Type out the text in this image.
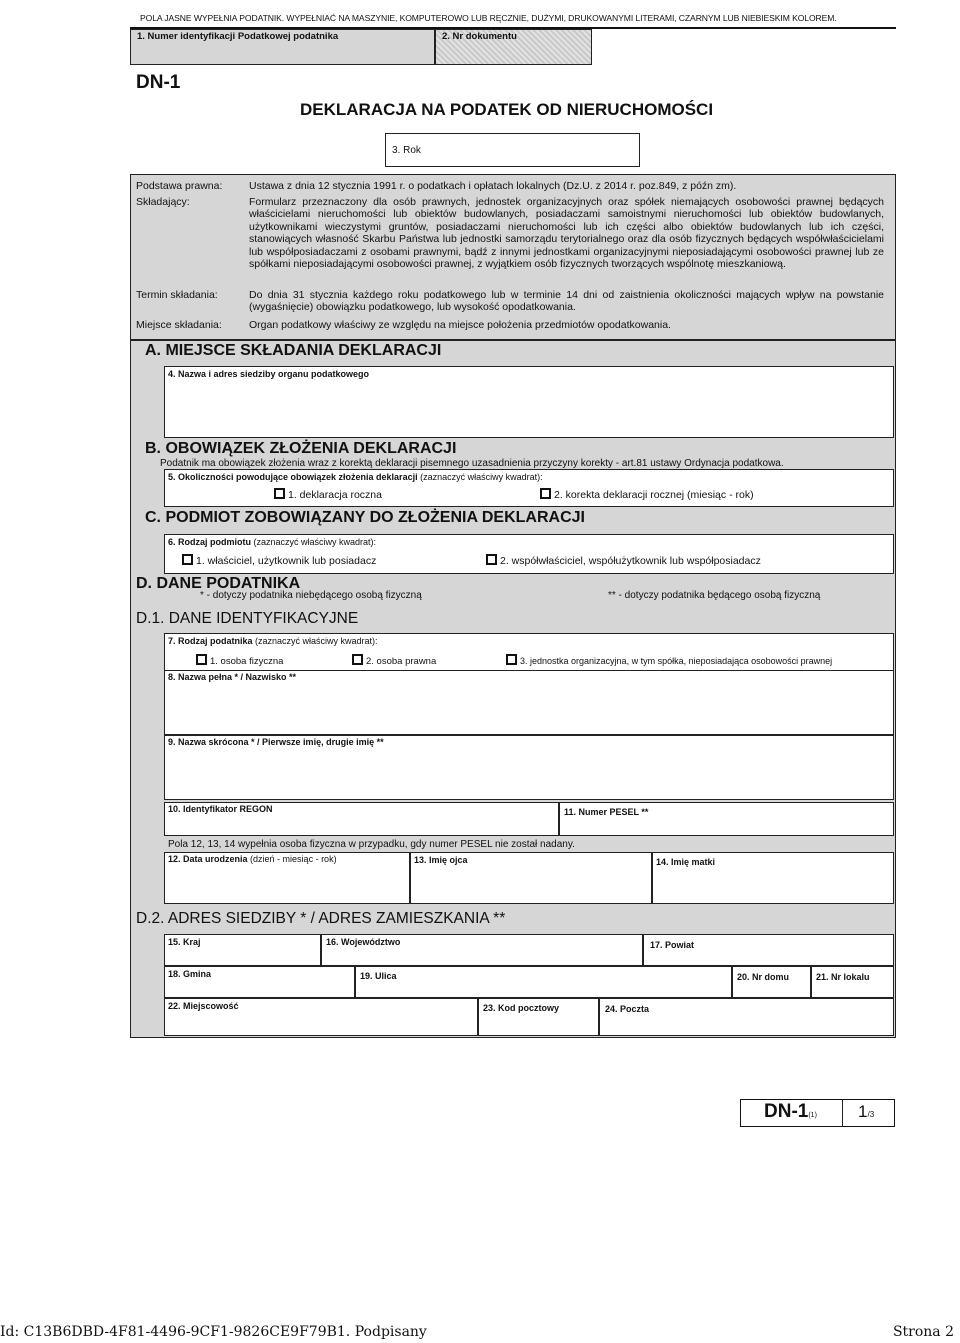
POLA JASNE WYPEŁNIA PODATNIK. WYPEŁNIAĆ NA MASZYNIE, KOMPUTEROWO LUB RĘCZNIE, DUŻYMI, DRUKOWANYMI LITERAMI, CZARNYM LUB NIEBIESKIM KOLOREM.
1. Numer identyfikacji Podatkowej podatnika	2. Nr dokumentu
DN-1
DEKLARACJA NA PODATEK OD NIERUCHOMOŚCI
3. Rok
Podstawa prawna:	Ustawa z dnia 12 stycznia 1991 r. o podatkach i opłatach lokalnych (Dz.U. z 2014 r. poz.849, z późn zm).
Składający:	Formularz przeznaczony dla osób prawnych, jednostek organizacyjnych oraz spółek niemających osobowości prawnej będących właścicielami nieruchomości lub obiektów budowlanych, posiadaczami samoistnymi nieruchomości lub obiektów budowlanych, użytkownikami wieczystymi gruntów, posiadaczami nieruchomości lub ich części albo obiektów budowlanych lub ich części, stanowiących własność Skarbu Państwa lub jednostki samorządu terytorialnego oraz dla osób fizycznych będących współwłaścicielami lub współposiadaczami z osobami prawnymi, bądź z innymi jednostkami organizacyjnymi nieposiadającymi osobowości prawnej lub ze spółkami nieposiadającymi osobowości prawnej, z wyjątkiem osób fizycznych tworzących wspólnotę mieszkaniową.
Termin składania:	Do dnia 31 stycznia każdego roku podatkowego lub w terminie 14 dni od zaistnienia okoliczności mających wpływ na powstanie (wygaśnięcie) obowiązku podatkowego, lub wysokość opodatkowania.
Miejsce składania:	Organ podatkowy właściwy ze względu na miejsce położenia przedmiotów opodatkowania.
A. MIEJSCE SKŁADANIA DEKLARACJI
4. Nazwa i adres siedziby organu podatkowego
B. OBOWIĄZEK ZŁOŻENIA DEKLARACJI
Podatnik ma obowiązek złożenia wraz z korektą deklaracji pisemnego uzasadnienia przyczyny korekty - art.81 ustawy Ordynacja podatkowa.
5. Okoliczności powodujące obowiązek złożenia deklaracji (zaznaczyć właściwy kwadrat):
1. deklaracja roczna	2. korekta deklaracji rocznej (miesiąc - rok)
C. PODMIOT ZOBOWIĄZANY DO ZŁOŻENIA DEKLARACJI
6. Rodzaj podmiotu (zaznaczyć właściwy kwadrat):
1. właściciel, użytkownik lub posiadacz	2. współwłaściciel, współużytkownik lub współposiadacz
D. DANE PODATNIKA
* - dotyczy podatnika niebędącego osobą fizyczną	** - dotyczy podatnika będącego osobą fizyczną
D.1. DANE IDENTYFIKACYJNE
7. Rodzaj podatnika (zaznaczyć właściwy kwadrat):
1. osoba fizyczna	2. osoba prawna	3. jednostka organizacyjna, w tym spółka, nieposiadająca osobowości prawnej
8. Nazwa pełna * / Nazwisko **
9. Nazwa skrócona * / Pierwsze imię, drugie imię **
10. Identyfikator REGON	11. Numer PESEL **
Pola 12, 13, 14 wypełnia osoba fizyczna w przypadku, gdy numer PESEL nie został nadany.
12. Data urodzenia (dzień - miesiąc - rok)	13. Imię ojca	14. Imię matki
D.2. ADRES SIEDZIBY * / ADRES ZAMIESZKANIA **
15. Kraj	16. Województwo	17. Powiat
18. Gmina	19. Ulica	20. Nr domu	21. Nr lokalu
22. Miejscowość	23. Kod pocztowy	24. Poczta
DN-1(1) 1/3
Id: C13B6DBD-4F81-4496-9CF1-9826CE9F79B1. Podpisany	Strona 2
